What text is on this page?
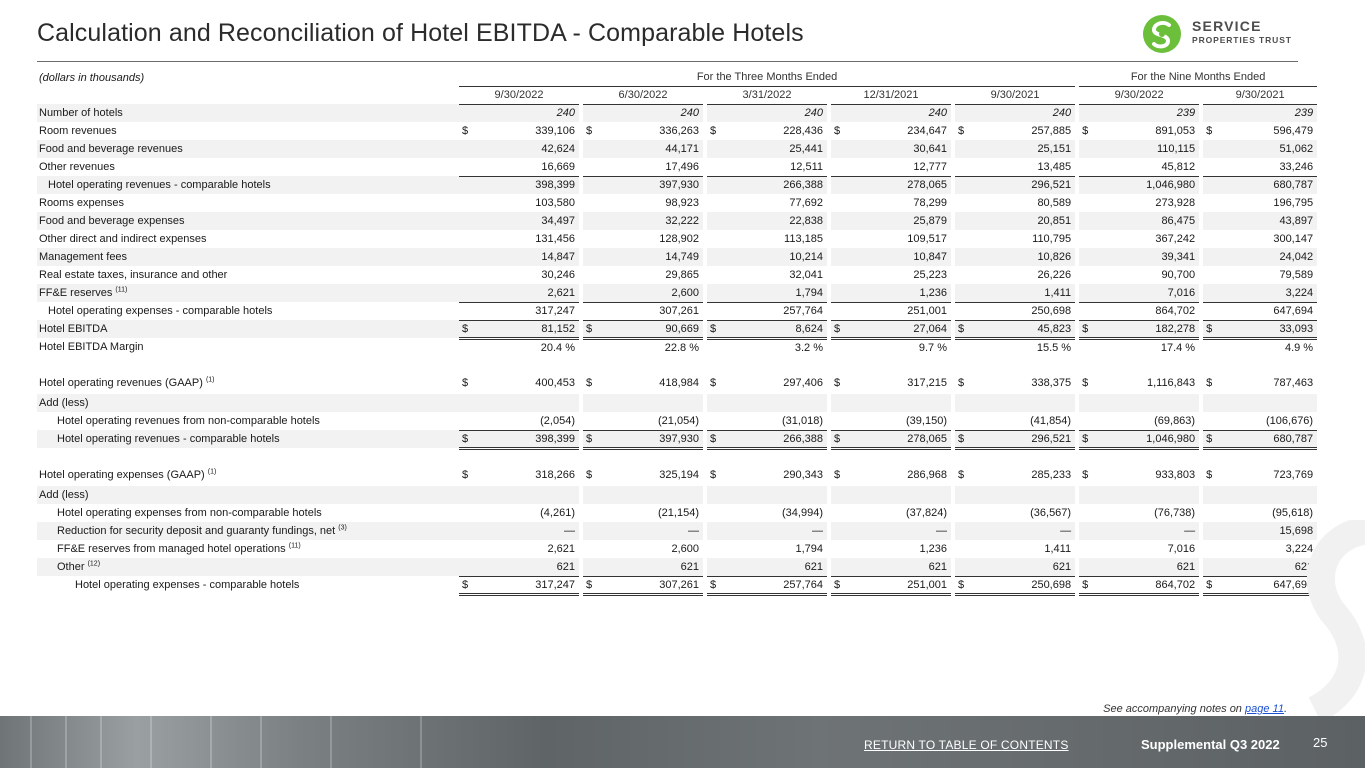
Calculation and Reconciliation of Hotel EBITDA - Comparable Hotels	SERVICE
PROPERTIES TRUST
(dollars in thousands)	For the Three Months Ended										For the Nine Months Ended		
	9/30/2022		6/30/2022		3/31/2022		12/31/2021		9/30/2021		9/30/2022		9/30/2021
Number of hotels	240		240		240		240		240		239		239

Room revenues	$ 339,106		$ 336,263		$ 228,436		$ 234,647		$ 257,885		$ 891,053		$ 596,479

Food and beverage revenues	42,624		44,171		25,441		30,641		25,151		110,115		51,062

Other revenues	16,669		17,496		12,511		12,777		13,485		45,812		33,246

Hotel operating revenues - comparable hotels	398,399		397,930		266,388		278,065		296,521		1,046,980		680,787

Rooms expenses	103,580		98,923		77,692		78,299		80,589		273,928		196,795

Food and beverage expenses	34,497		32,222		22,838		25,879		20,851		86,475		43,897

Other direct and indirect expenses	131,456		128,902		113,185		109,517		110,795		367,242		300,147

Management fees	14,847		14,749		10,214		10,847		10,826		39,341		24,042

Real estate taxes, insurance and other	30,246		29,865		32,041		25,223		26,226		90,700		79,589

FF&E reserves $^{(11)}$	2,621		2,600		1,794		1,236		1,411		7,016		3,224

Hotel operating expenses - comparable hotels	317,247		307,261		257,764		251,001		250,698		864,702		647,694

Hotel EBITDA	$ 81,152		$ 90,669		$ 8,624		$ 27,064		$ 45,823		$ 182,278		$ 33,093

Hotel EBITDA Margin	20.4 %		22.8 %		3.2 %		9.7 %		15.5 %		17.4 %		4.9 %

Hotel operating revenues (GAAP) $^{(1)}$	$ 400,453		$ 418,984		$ 297,406		$ 317,215		$ 338,375		$ 1,116,843		$ 787,463

Add (less)													
Hotel operating revenues from non-comparable hotels	(2,054)		(21,054)		(31,018)		(39,150)		(41,854)		(69,863)		(106,676)

Hotel operating revenues - comparable hotels	$ 398,399		$ 397,930		$ 266,388		$ 278,065		$ 296,521		$ 1,046,980		$ 680,787

Hotel operating expenses (GAAP) $^{(1)}$	$ 318,266		$ 325,194		$ 290,343		$ 286,968		$ 285,233		$ 933,803		$ 723,769

Add (less)													
Hotel operating expenses from non-comparable hotels	(4,261)		(21,154)		(34,994)		(37,824)		(36,567)		(76,738)		(95,618)

Reduction for security deposit and guaranty fundings, net $^{(3)}$	—		—		—		—		—		—		15,698

FF&E reserves from managed hotel operations $^{(11)}$	2,621		2,600		1,794		1,236		1,411		7,016		3,224

Other $^{(12)}$	621		621		621		621		621		621		621

Hotel operating expenses - comparable hotels	$ 317,247		$ 307,261		$ 257,764		$ 251,001		$ 250,698		$ 864,702		$ 647,694
See accompanying notes on page 11.
RETURN TO TABLE OF CONTENTS	Supplemental Q3 2022	25
